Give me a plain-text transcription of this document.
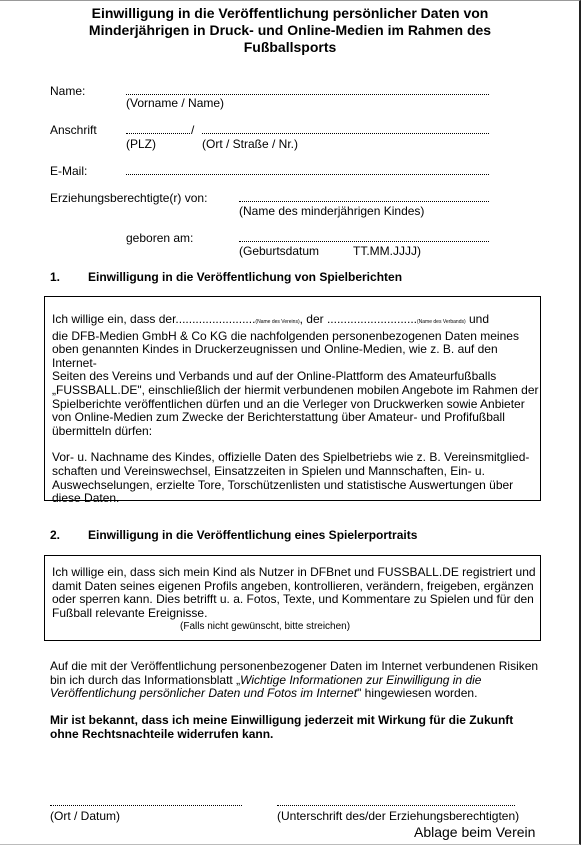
Einwilligung in die Veröffentlichung persönlicher Daten von
Minderjährigen in Druck- und Online-Medien im Rahmen des
Fußballsports
Name:
(Vorname / Name)
Anschrift	/
(PLZ)	(Ort / Straße / Nr.)
E-Mail:
Erziehungsberechtigte(r) von:
(Name des minderjährigen Kindes)
geboren am:
(Geburtsdatum	TT.MM.JJJJ)
1. Einwilligung in die Veröffentlichung von Spielberichten

Ich willige ein, dass der........................(Name des Vereins), der ...........................(Name des Verbands) und

die DFB-Medien GmbH & Co KG die nachfolgenden personenbezogenen Daten meines

oben genannten Kindes in Druckerzeugnissen und Online-Medien, wie z. B. auf den Internet-

Seiten des Vereins und Verbands und auf der Online-Plattform des Amateurfußballs

„FUSSBALL.DE", einschließlich der hiermit verbundenen mobilen Angebote im Rahmen der

Spielberichte veröffentlichen dürfen und an die Verleger von Druckwerken sowie Anbieter

von Online-Medien zum Zwecke der Berichterstattung über Amateur- und Profifußball

übermitteln dürfen:

Vor- u. Nachname des Kindes, offizielle Daten des Spielbetriebs wie z. B. Vereinsmitglied-

schaften und Vereinswechsel, Einsatzzeiten in Spielen und Mannschaften, Ein- u.

Auswechselungen, erzielte Tore, Torschützenlisten und statistische Auswertungen über

diese Daten.

2. Einwilligung in die Veröffentlichung eines Spielerportraits

Ich willige ein, dass sich mein Kind als Nutzer in DFBnet und FUSSBALL.DE registriert und

damit Daten seines eigenen Profils angeben, kontrollieren, verändern, freigeben, ergänzen

oder sperren kann. Dies betrifft u. a. Fotos, Texte, und Kommentare zu Spielen und für den

Fußball relevante Ereignisse.

(Falls nicht gewünscht, bitte streichen)

Auf die mit der Veröffentlichung personenbezogener Daten im Internet verbundenen Risiken
bin ich durch das Informationsblatt „Wichtige Informationen zur Einwilligung in die
Veröffentlichung persönlicher Daten und Fotos im Internet" hingewiesen worden.
Mir ist bekannt, dass ich meine Einwilligung jederzeit mit Wirkung für die Zukunft
ohne Rechtsnachteile widerrufen kann.
(Ort / Datum)	(Unterschrift des/der Erziehungsberechtigten)
Ablage beim Verein
